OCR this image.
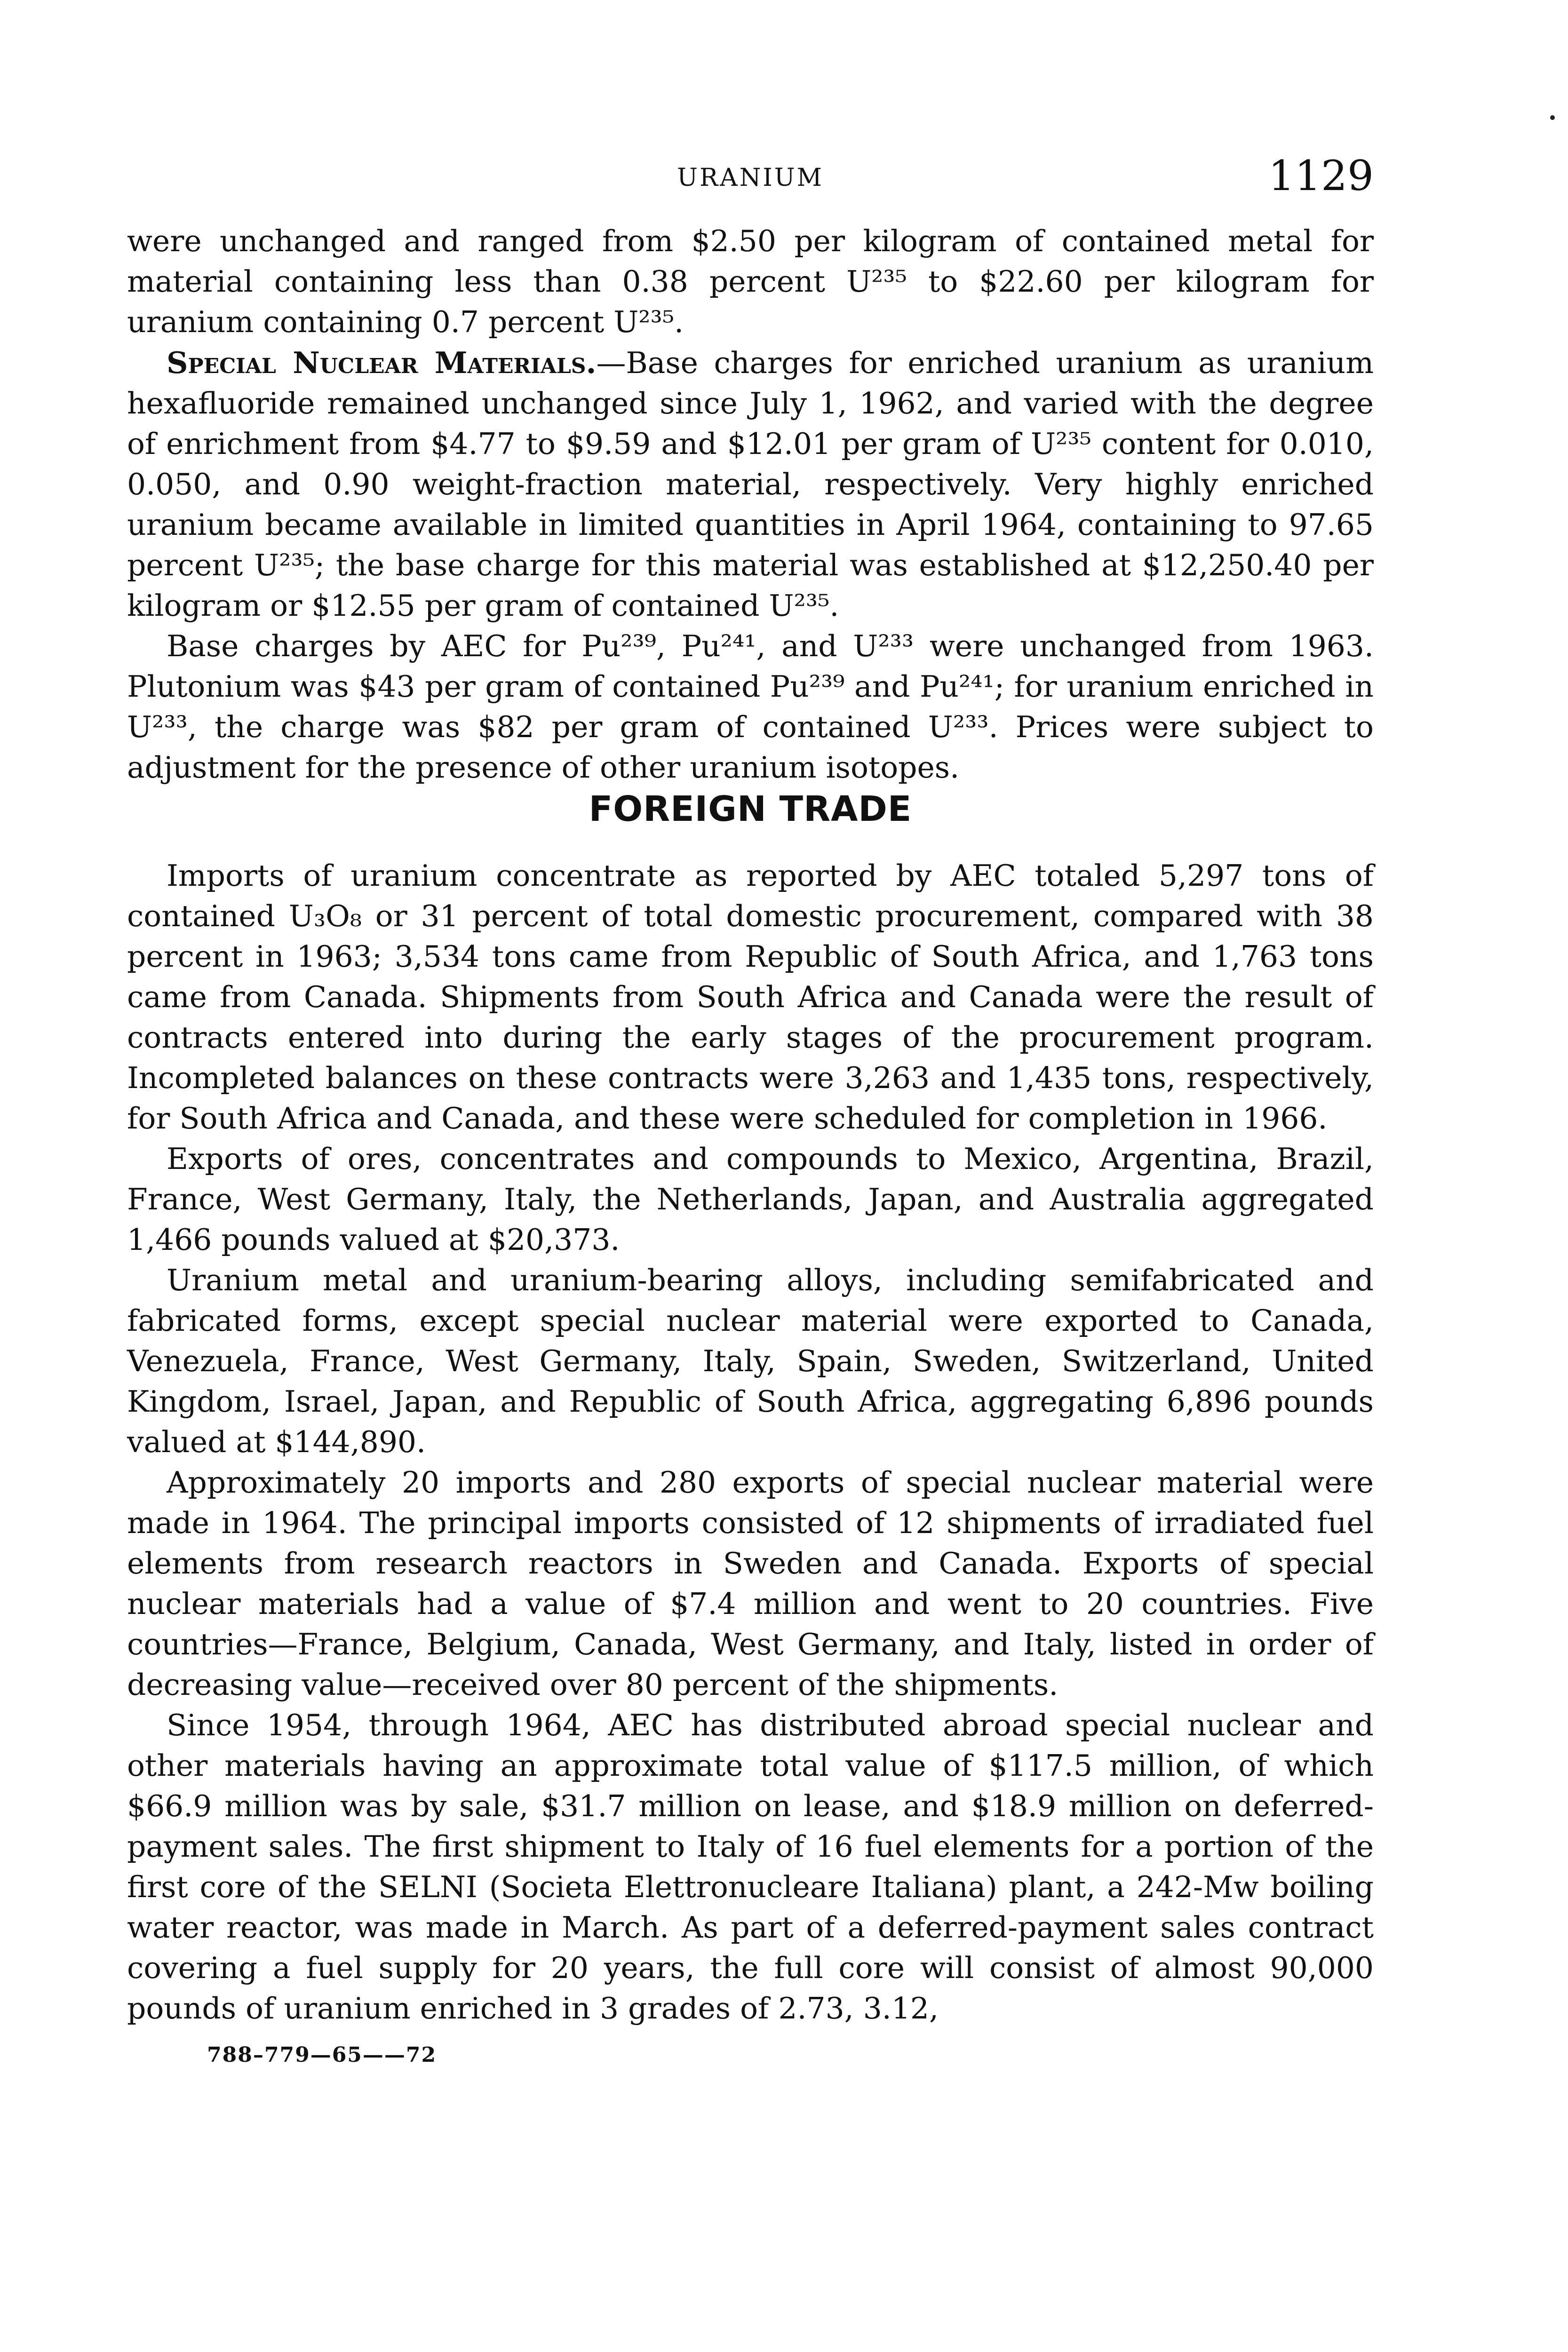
URANIUM	1129

were unchanged and ranged from $2.50 per kilogram of contained metal for material containing less than 0.38 percent U²³⁵ to $22.60 per kilogram for uranium containing 0.7 percent U²³⁵.

Special Nuclear Materials.—Base charges for enriched uranium as uranium hexafluoride remained unchanged since July 1, 1962, and varied with the degree of enrichment from $4.77 to $9.59 and $12.01 per gram of U²³⁵ content for 0.010, 0.050, and 0.90 weight-fraction material, respectively. Very highly enriched uranium became available in limited quantities in April 1964, containing to 97.65 percent U²³⁵; the base charge for this material was established at $12,250.40 per kilogram or $12.55 per gram of contained U²³⁵.

Base charges by AEC for Pu²³⁹, Pu²⁴¹, and U²³³ were unchanged from 1963. Plutonium was $43 per gram of contained Pu²³⁹ and Pu²⁴¹; for uranium enriched in U²³³, the charge was $82 per gram of contained U²³³. Prices were subject to adjustment for the presence of other uranium isotopes.

FOREIGN TRADE

Imports of uranium concentrate as reported by AEC totaled 5,297 tons of contained U₃O₈ or 31 percent of total domestic procurement, compared with 38 percent in 1963; 3,534 tons came from Republic of South Africa, and 1,763 tons came from Canada. Shipments from South Africa and Canada were the result of contracts entered into during the early stages of the procurement program. Incompleted balances on these contracts were 3,263 and 1,435 tons, respectively, for South Africa and Canada, and these were scheduled for completion in 1966.

Exports of ores, concentrates and compounds to Mexico, Argentina, Brazil, France, West Germany, Italy, the Netherlands, Japan, and Australia aggregated 1,466 pounds valued at $20,373.

Uranium metal and uranium-bearing alloys, including semifabricated and fabricated forms, except special nuclear material were exported to Canada, Venezuela, France, West Germany, Italy, Spain, Sweden, Switzerland, United Kingdom, Israel, Japan, and Republic of South Africa, aggregating 6,896 pounds valued at $144,890.

Approximately 20 imports and 280 exports of special nuclear material were made in 1964. The principal imports consisted of 12 shipments of irradiated fuel elements from research reactors in Sweden and Canada. Exports of special nuclear materials had a value of $7.4 million and went to 20 countries. Five countries—France, Belgium, Canada, West Germany, and Italy, listed in order of decreasing value—received over 80 percent of the shipments.

Since 1954, through 1964, AEC has distributed abroad special nuclear and other materials having an approximate total value of $117.5 million, of which $66.9 million was by sale, $31.7 million on lease, and $18.9 million on deferred-payment sales. The first shipment to Italy of 16 fuel elements for a portion of the first core of the SELNI (Societa Elettronucleare Italiana) plant, a 242-Mw boiling water reactor, was made in March. As part of a deferred-payment sales contract covering a fuel supply for 20 years, the full core will consist of almost 90,000 pounds of uranium enriched in 3 grades of 2.73, 3.12,

788–779—65——72
